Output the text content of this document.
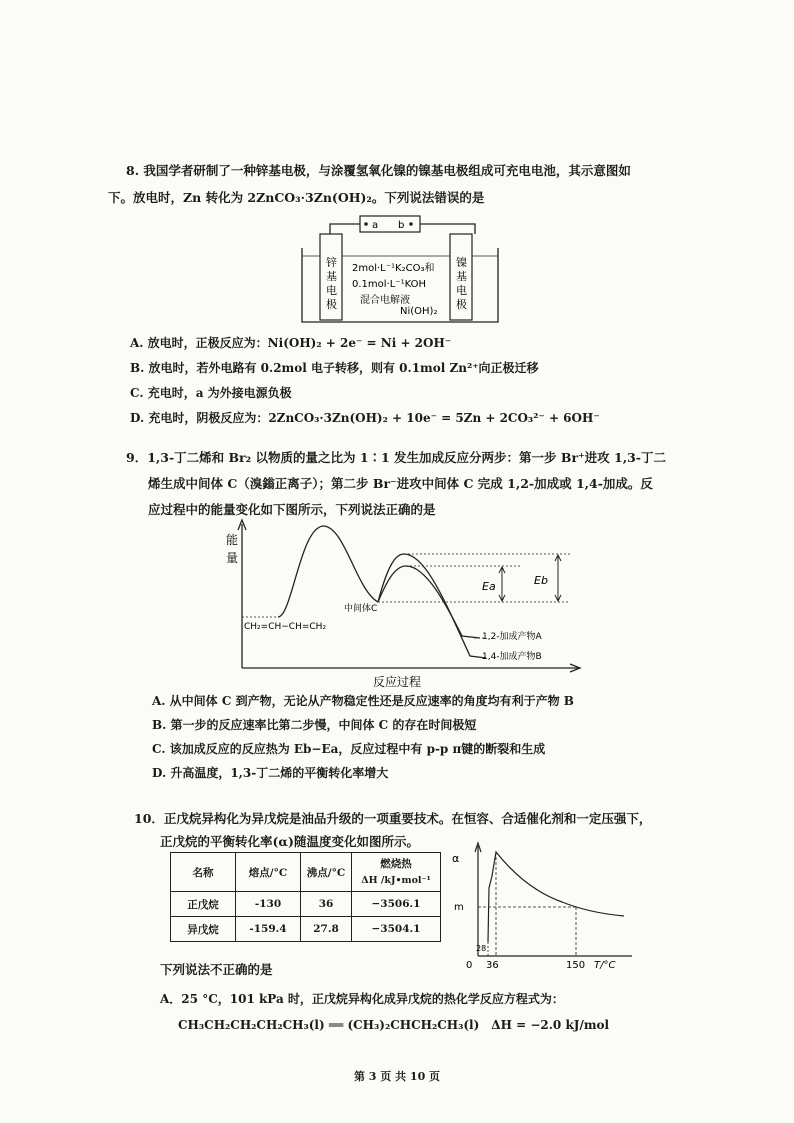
8. 我国学者研制了一种锌基电极，与涂覆氢氧化镍的镍基电极组成可充电电池，其示意图如
下。放电时，Zn 转化为 2ZnCO₃·3Zn(OH)₂。下列说法错误的是
a b
锌
基
电
极
镍
基
电
极
2mol·L⁻¹K₂CO₃和
0.1mol·L⁻¹KOH
混合电解液
Ni(OH)₂
A. 放电时，正极反应为：Ni(OH)₂ + 2e⁻ = Ni + 2OH⁻
B. 放电时，若外电路有 0.2mol 电子转移，则有 0.1mol Zn²⁺向正极迁移
C. 充电时，a 为外接电源负极
D. 充电时，阴极反应为：2ZnCO₃·3Zn(OH)₂ + 10e⁻ = 5Zn + 2CO₃²⁻ + 6OH⁻
9．1,3-丁二烯和 Br₂ 以物质的量之比为 1∶1 发生加成反应分两步：第一步 Br⁺进攻 1,3-丁二
烯生成中间体 C（溴鎓正离子）；第二步 Br⁻进攻中间体 C 完成 1,2-加成或 1,4-加成。反
应过程中的能量变化如下图所示，下列说法正确的是
能
量
反应过程
CH₂=CH−CH=CH₂
中间体C
Ea	Eb
1,2-加成产物A
1,4-加成产物B
A. 从中间体 C 到产物，无论从产物稳定性还是反应速率的角度均有利于产物 B
B. 第一步的反应速率比第二步慢，中间体 C 的存在时间极短
C. 该加成反应的反应热为 Eb−Ea，反应过程中有 p-p π键的断裂和生成
D. 升高温度，1,3-丁二烯的平衡转化率增大
10．正戊烷异构化为异戊烷是油品升级的一项重要技术。在恒容、合适催化剂和一定压强下，
正戊烷的平衡转化率(α)随温度变化如图所示。
名称	熔点/°C	沸点/°C	燃烧热
ΔH /kJ•mol⁻¹
正戊烷	-130	36	−3506.1
异戊烷	-159.4	27.8	−3504.1
α
m
28
0 36	150 T/°C
下列说法不正确的是
A．25 °C，101 kPa 时，正戊烷异构化成异戊烷的热化学反应方程式为：
CH₃CH₂CH₂CH₂CH₃(l) ══ (CH₃)₂CHCH₂CH₃(l)　ΔH = −2.0 kJ/mol
第 3 页 共 10 页
